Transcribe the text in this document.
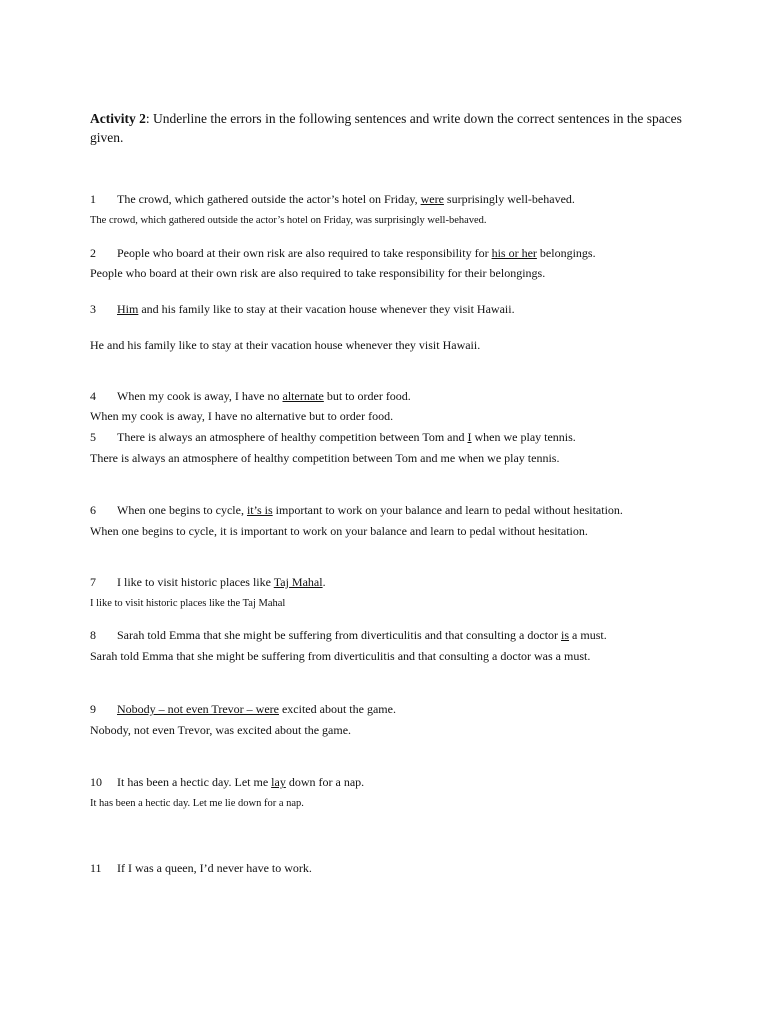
Activity 2: Underline the errors in the following sentences and write down the correct sentences in the spaces given.
1 The crowd, which gathered outside the actor’s hotel on Friday, were surprisingly well-behaved.
The crowd, which gathered outside the actor’s hotel on Friday, was surprisingly well-behaved.
2 People who board at their own risk are also required to take responsibility for his or her belongings.
People who board at their own risk are also required to take responsibility for their belongings.
3 Him and his family like to stay at their vacation house whenever they visit Hawaii.
He and his family like to stay at their vacation house whenever they visit Hawaii.
4 When my cook is away, I have no alternate but to order food.
When my cook is away, I have no alternative but to order food.
5 There is always an atmosphere of healthy competition between Tom and I when we play tennis.
There is always an atmosphere of healthy competition between Tom and me when we play tennis.
6 When one begins to cycle, it’s is important to work on your balance and learn to pedal without hesitation.
When one begins to cycle, it is important to work on your balance and learn to pedal without hesitation.
7 I like to visit historic places like Taj Mahal.
I like to visit historic places like the Taj Mahal
8 Sarah told Emma that she might be suffering from diverticulitis and that consulting a doctor is a must.
Sarah told Emma that she might be suffering from diverticulitis and that consulting a doctor was a must.
9 Nobody – not even Trevor – were excited about the game.
Nobody, not even Trevor, was excited about the game.
10 It has been a hectic day. Let me lay down for a nap.
It has been a hectic day. Let me lie down for a nap.
11 If I was a queen, I’d never have to work.
